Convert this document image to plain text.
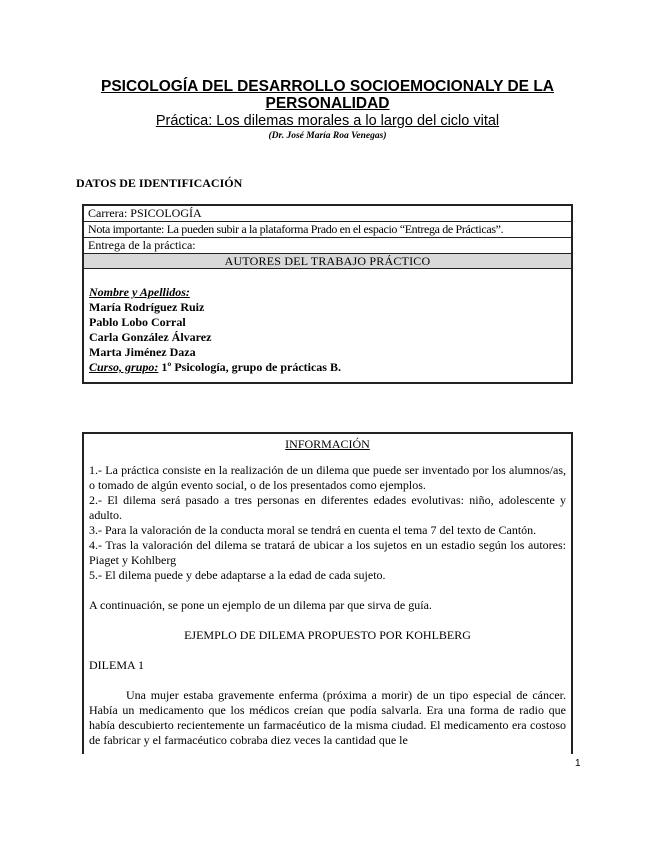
PSICOLOGÍA DEL DESARROLLO SOCIOEMOCIONALY DE LA PERSONALIDAD

Práctica: Los dilemas morales a lo largo del ciclo vital

(Dr. José María Roa Venegas)

DATOS DE IDENTIFICACIÓN

Carrera: PSICOLOGÍA
Nota importante: La pueden subir a la plataforma Prado en el espacio “Entrega de Prácticas”.
Entrega de la práctica:
AUTORES DEL TRABAJO PRÁCTICO
Nombre y Apellidos:
María Rodríguez Ruiz
Pablo Lobo Corral
Carla González Álvarez
Marta Jiménez Daza
Curso, grupo: 1º Psicología, grupo de prácticas B.

INFORMACIÓN

1.- La práctica consiste en la realización de un dilema que puede ser inventado por los alumnos/as, o tomado de algún evento social, o de los presentados como ejemplos.

2.- El dilema será pasado a tres personas en diferentes edades evolutivas: niño, adolescente y adulto.

3.- Para la valoración de la conducta moral se tendrá en cuenta el tema 7 del texto de Cantón.

4.- Tras la valoración del dilema se tratará de ubicar a los sujetos en un estadio según los autores: Piaget y Kohlberg

5.- El dilema puede y debe adaptarse a la edad de cada sujeto.

A continuación, se pone un ejemplo de un dilema par que sirva de guía.

EJEMPLO DE DILEMA PROPUESTO POR KOHLBERG

DILEMA 1

Una mujer estaba gravemente enferma (próxima a morir) de un tipo especial de cáncer. Había un medicamento que los médicos creían que podía salvarla. Era una forma de radio que había descubierto recientemente un farmacéutico de la misma ciudad. El medicamento era costoso de fabricar y el farmacéutico cobraba diez veces la cantidad que le

1
